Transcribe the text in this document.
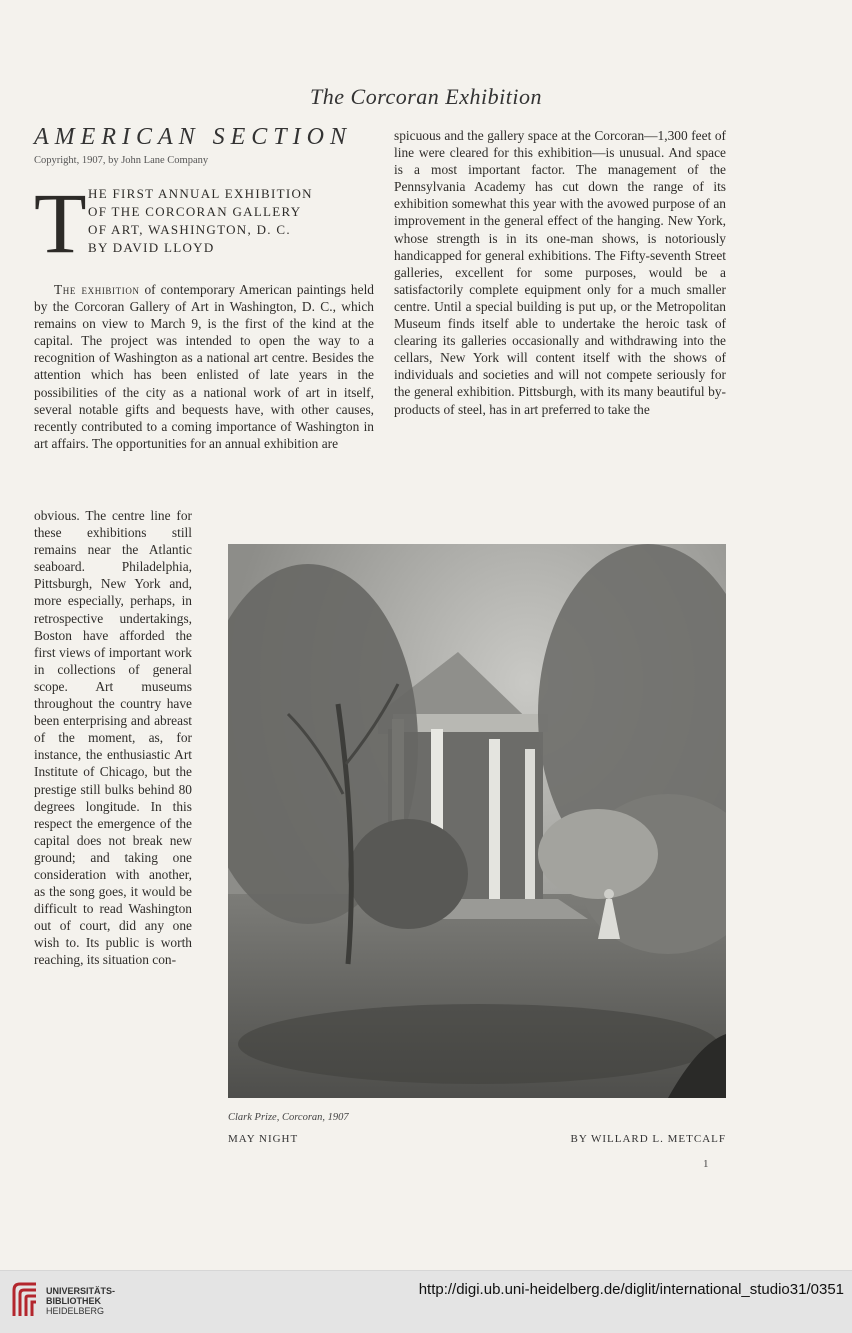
The Corcoran Exhibition
AMERICAN SECTION
Copyright, 1907, by John Lane Company
T HE FIRST ANNUAL EXHIBITION
OF THE CORCORAN GALLERY
OF ART, WASHINGTON, D. C.
BY DAVID LLOYD

The exhibition of contemporary American paintings held by the Corcoran Gallery of Art in Washington, D. C., which remains on view to March 9, is the first of the kind at the capital. The project was intended to open the way to a recognition of Washington as a national art centre. Besides the attention which has been enlisted of late years in the possibilities of the city as a national work of art in itself, several notable gifts and bequests have, with other causes, recently contributed to a coming importance of Washington in art affairs. The opportunities for an annual exhibition are

obvious. The centre line for these exhibitions still remains near the Atlantic seaboard. Philadelphia, Pittsburgh, New York and, more especially, perhaps, in retrospective undertakings, Boston have afforded the first views of important work in collections of general scope. Art museums throughout the country have been enterprising and abreast of the moment, as, for instance, the enthusiastic Art Institute of Chicago, but the prestige still bulks behind 80 degrees longitude. In this respect the emergence of the capital does not break new ground; and taking one consideration with another, as the song goes, it would be difficult to read Washington out of court, did any one wish to. Its public is worth reaching, its situation con-

spicuous and the gallery space at the Corcoran—1,300 feet of line were cleared for this exhibition—is unusual. And space is a most important factor. The management of the Pennsylvania Academy has cut down the range of its exhibition somewhat this year with the avowed purpose of an improvement in the general effect of the hanging. New York, whose strength is in its one-man shows, is notoriously handicapped for general exhibitions. The Fifty-seventh Street galleries, excellent for some purposes, would be a satisfactorily complete equipment only for a much smaller centre. Until a special building is put up, or the Metropolitan Museum finds itself able to undertake the heroic task of clearing its galleries occasionally and withdrawing into the cellars, New York will content itself with the shows of individuals and societies and will not compete seriously for the general exhibition. Pittsburgh, with its many beautiful by-products of steel, has in art preferred to take the

Clark Prize, Corcoran, 1907
MAY NIGHT	BY WILLARD L. METCALF
1
UNIVERSITÄTS-
BIBLIOTHEK
HEIDELBERG
http://digi.ub.uni-heidelberg.de/diglit/international_studio31/0351
